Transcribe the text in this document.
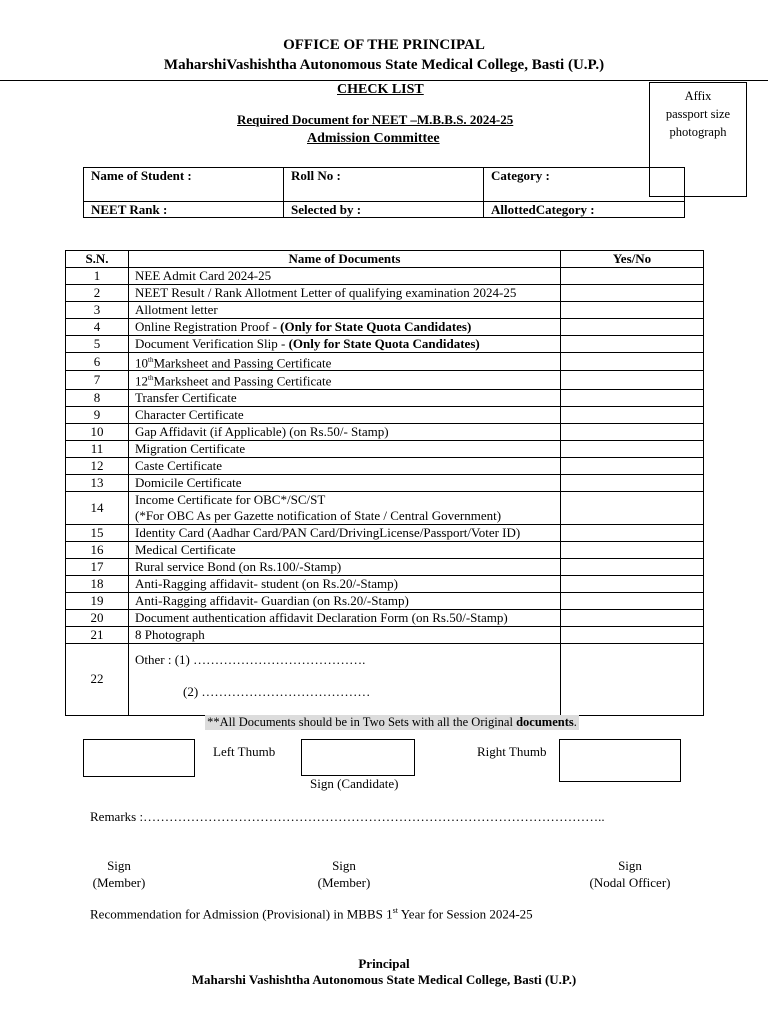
OFFICE OF THE PRINCIPAL
MaharshiVashishtha Autonomous State Medical College, Basti (U.P.)
Affix
passport size
photograph
CHECK LIST
Required Document for NEET –M.B.B.S. 2024-25
Admission Committee
Name of Student :	Roll No :	Category :
NEET Rank :	Selected by :	AllottedCategory :
S.N.	Name of Documents	Yes/No
1	NEE Admit Card 2024-25	
2	NEET Result / Rank Allotment Letter of qualifying examination 2024-25	
3	Allotment letter	
4	Online Registration Proof - (Only for State Quota Candidates)	
5	Document Verification Slip - (Only for State Quota Candidates)	
6	10thMarksheet and Passing Certificate	
7	12thMarksheet and Passing Certificate	
8	Transfer Certificate	
9	Character Certificate	
10	Gap Affidavit (if Applicable) (on Rs.50/- Stamp)	
11	Migration Certificate	
12	Caste Certificate	
13	Domicile Certificate	
14	Income Certificate for OBC*/SC/ST
(*For OBC As per Gazette notification of State / Central Government)	
15	Identity Card (Aadhar Card/PAN Card/DrivingLicense/Passport/Voter ID)	
16	Medical Certificate	
17	Rural service Bond (on Rs.100/-Stamp)	
18	Anti-Ragging affidavit- student (on Rs.20/-Stamp)	
19	Anti-Ragging affidavit- Guardian (on Rs.20/-Stamp)	
20	Document authentication affidavit Declaration Form (on Rs.50/-Stamp)	
21	8 Photograph	
22	Other : (1) ………………………………….
(2) …………………………………	

**All Documents should be in Two Sets with all the Original documents.
Left Thumb	Right Thumb
Sign (Candidate)
Remarks :……………………………………………………………………………………………..
Sign
(Member)
Sign
(Member)
Sign
(Nodal Officer)
Recommendation for Admission (Provisional) in MBBS 1st Year for Session 2024-25
Principal
Maharshi Vashishtha Autonomous State Medical College, Basti (U.P.)
